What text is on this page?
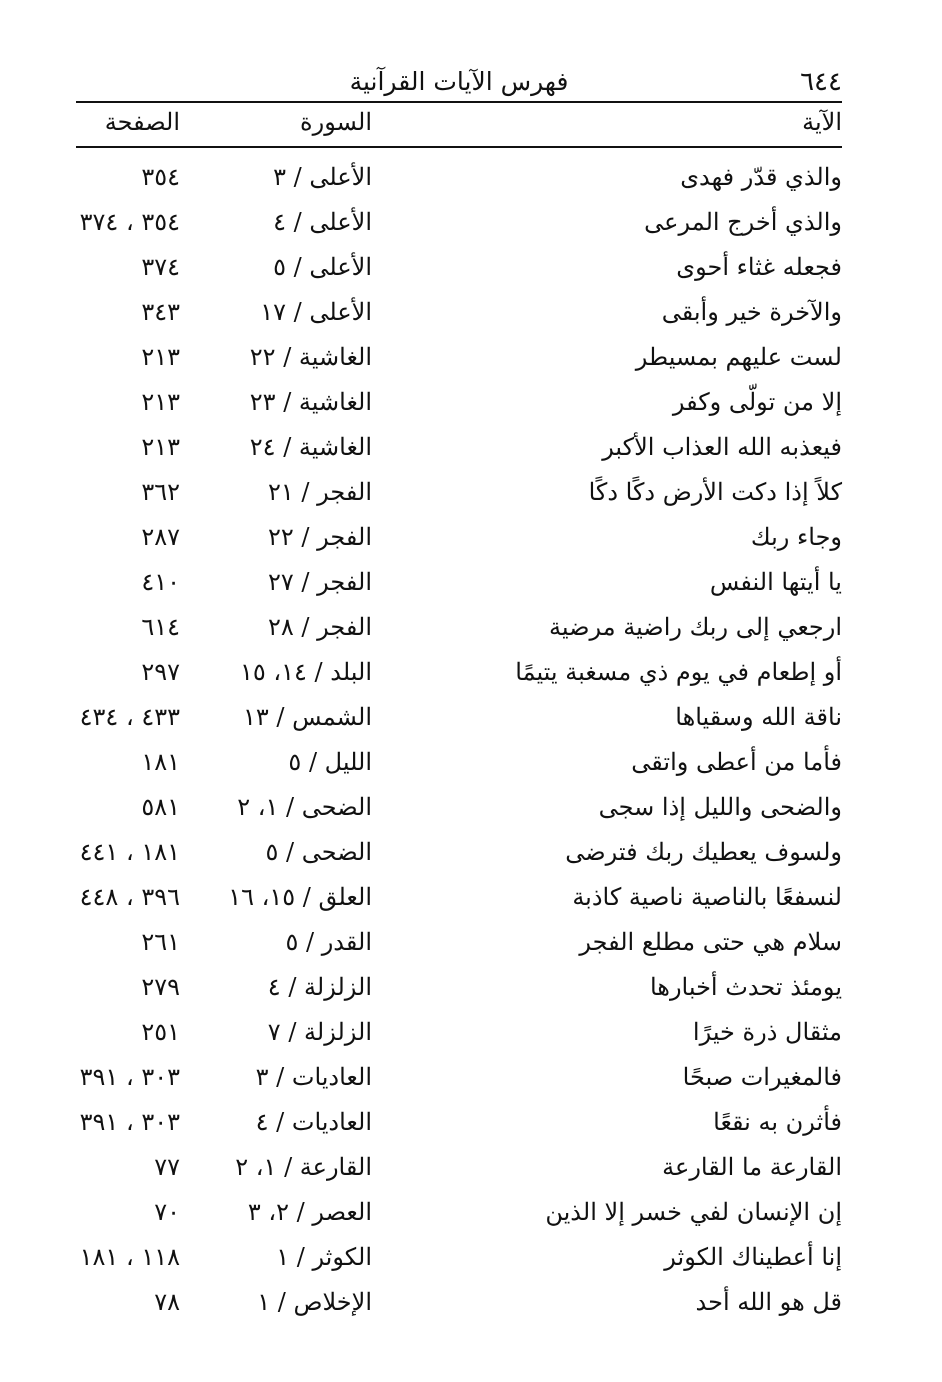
٦٤٤
فهرس الآيات القرآنية
الآية
السورة
الصفحة
والذي قدّر فهدى
الأعلى / ٣
٣٥٤
والذي أخرج المرعى
الأعلى / ٤
٣٥٤ ، ٣٧٤
فجعله غثاء أحوى
الأعلى / ٥
٣٧٤
والآخرة خير وأبقى
الأعلى / ١٧
٣٤٣
لست عليهم بمسيطر
الغاشية / ٢٢
٢١٣
إلا من تولّى وكفر
الغاشية / ٢٣
٢١٣
فيعذبه الله العذاب الأكبر
الغاشية / ٢٤
٢١٣
كلاً إذا دكت الأرض دكًا دكًا
الفجر / ٢١
٣٦٢
وجاء ربك
الفجر / ٢٢
٢٨٧
يا أيتها النفس
الفجر / ٢٧
٤١٠
ارجعي إلى ربك راضية مرضية
الفجر / ٢٨
٦١٤
أو إطعام في يوم ذي مسغبة يتيمًا
البلد / ١٤، ١٥
٢٩٧
ناقة الله وسقياها
الشمس / ١٣
٤٣٣ ، ٤٣٤
فأما من أعطى واتقى
الليل / ٥
١٨١
والضحى والليل إذا سجى
الضحى / ١، ٢
٥٨١
ولسوف يعطيك ربك فترضى
الضحى / ٥
١٨١ ، ٤٤١
لنسفعًا بالناصية ناصية كاذبة
العلق / ١٥، ١٦
٣٩٦ ، ٤٤٨
سلام هي حتى مطلع الفجر
القدر / ٥
٢٦١
يومئذ تحدث أخبارها
الزلزلة / ٤
٢٧٩
مثقال ذرة خيرًا
الزلزلة / ٧
٢٥١
فالمغيرات صبحًا
العاديات / ٣
٣٠٣ ، ٣٩١
فأثرن به نقعًا
العاديات / ٤
٣٠٣ ، ٣٩١
القارعة ما القارعة
القارعة / ١، ٢
٧٧
إن الإنسان لفي خسر إلا الذين
العصر / ٢، ٣
٧٠
إنا أعطيناك الكوثر
الكوثر / ١
١١٨ ، ١٨١
قل هو الله أحد
الإخلاص / ١
٧٨
